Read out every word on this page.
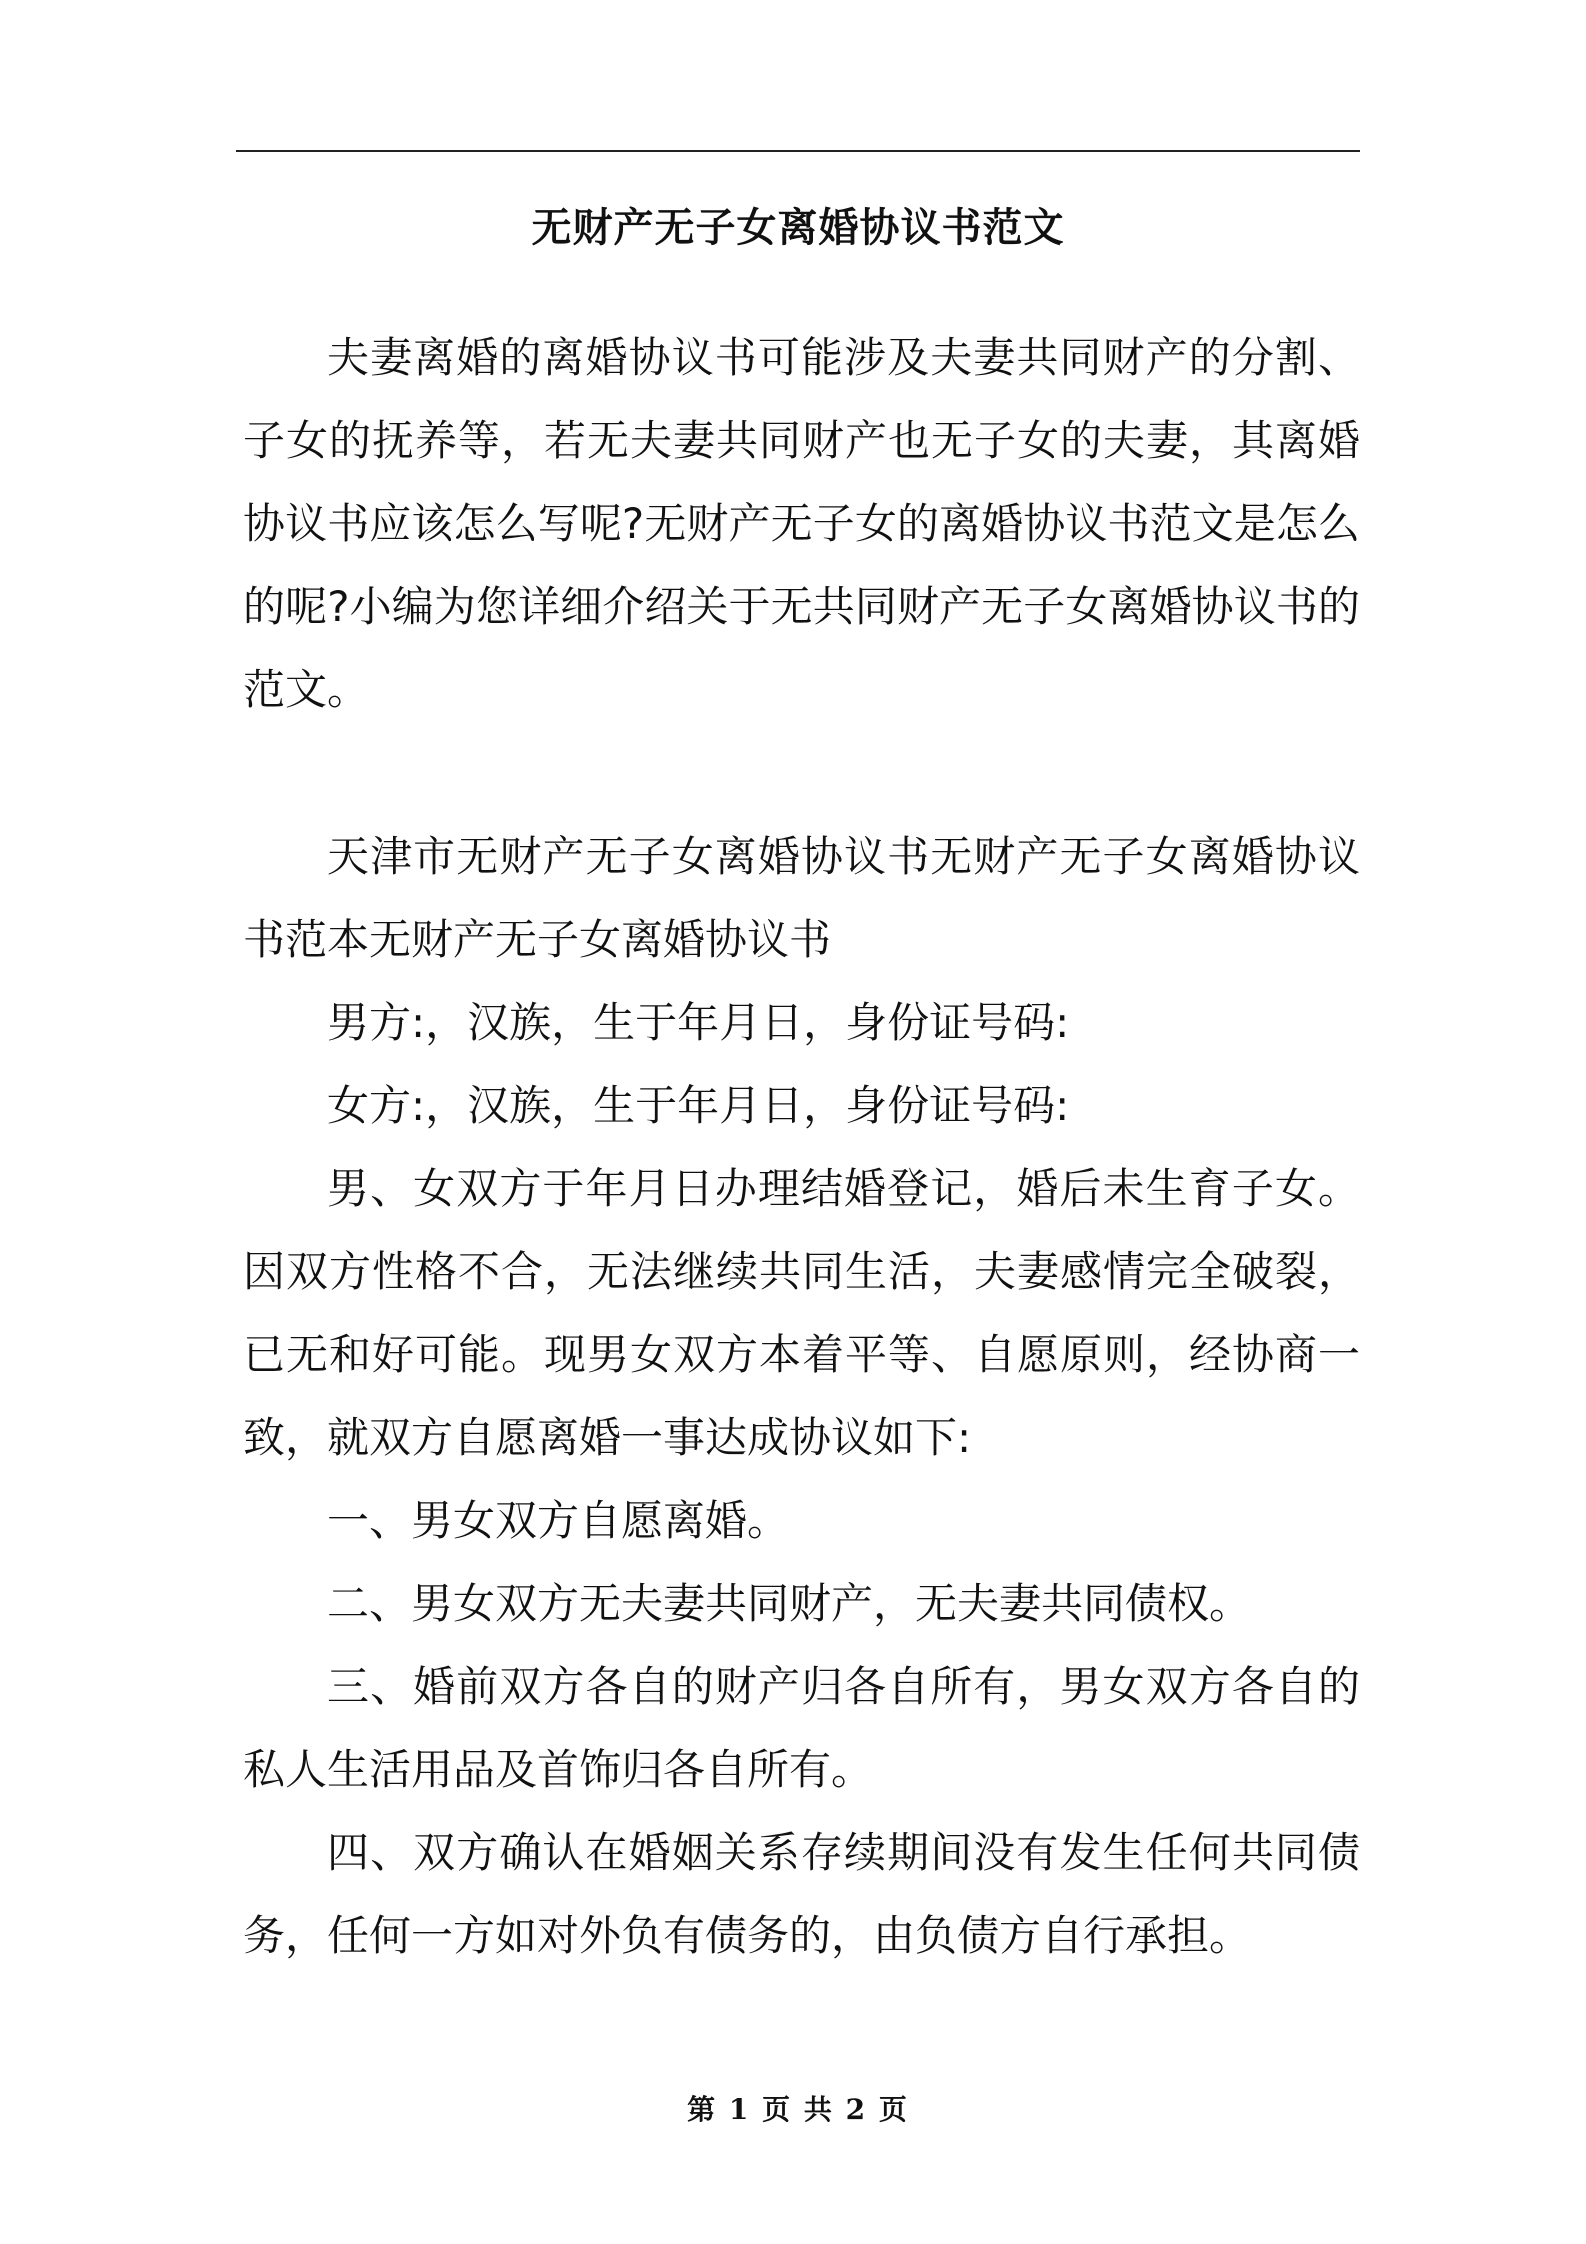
无财产无子女离婚协议书范文

夫妻离婚的离婚协议书可能涉及夫妻共同财产的分割、子女的抚养等，若无夫妻共同财产也无子女的夫妻，其离婚协议书应该怎么写呢?无财产无子女的离婚协议书范文是怎么的呢?小编为您详细介绍关于无共同财产无子女离婚协议书的范文。

天津市无财产无子女离婚协议书无财产无子女离婚协议书范本无财产无子女离婚协议书

男方:，汉族，生于年月日，身份证号码:

女方:，汉族，生于年月日，身份证号码:

男、女双方于年月日办理结婚登记，婚后未生育子女。因双方性格不合，无法继续共同生活，夫妻感情完全破裂，已无和好可能。现男女双方本着平等、自愿原则，经协商一致，就双方自愿离婚一事达成协议如下:

一、男女双方自愿离婚。

二、男女双方无夫妻共同财产，无夫妻共同债权。

三、婚前双方各自的财产归各自所有，男女双方各自的私人生活用品及首饰归各自所有。

四、双方确认在婚姻关系存续期间没有发生任何共同债务，任何一方如对外负有债务的，由负债方自行承担。

第 1 页 共 2 页
